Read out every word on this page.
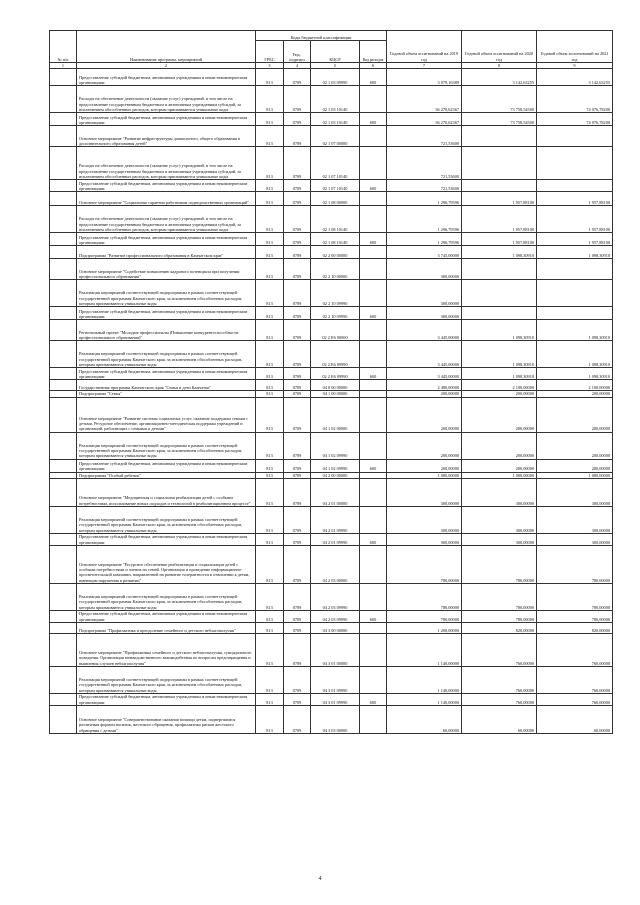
№ п/п	Наименование программ, мероприятий	Коды бюджетной классификации				Годовой объем ассигнований на 2019 год	Годовой объем ассигнований на 2020 год	Годовой объем ассигнований на 2021 год
		ГРБС	Разд., подраздел	КЦСР	Вид расходов			
1	2	3	4	5	6	7	8	9
	Предоставление субсидий бюджетным, автономным учреждениям и иным некоммерческим организациям	813	0709	02 1 03 09990	600	3 079,16389	3 142,63255	3 142,63255
	Расходы на обеспечение деятельности (оказание услуг) учреждений, в том числе на предоставление государственным бюджетным и автономным учреждениям субсидий, за исключением обособленных расходов, которым присваиваются уникальные коды	813	0709	02 1 03 10140		36 270,62367	73 758,54500	74 076,78200
	Предоставление субсидий бюджетным, автономным учреждениям и иным некоммерческим организациям	813	0709	02 1 03 10140	600	36 270,62367	73 758,54500	74 076,78200
	Основное мероприятие "Развитие инфраструктуры дошкольного, общего образования в дополнительного образования детей"	813	0709	02 1 07 00000		721,53600		
	Расходы на обеспечение деятельности (оказание услуг) учреждений, в том числе на предоставление государственным бюджетным и автономным учреждениям субсидий, за исключением обособленных расходов, которым присваиваются уникальные коды	813	0709	02 1 07 10140		721,53600		
	Предоставление субсидий бюджетным, автономным учреждениям и иным некоммерческим организациям	813	0709	02 1 07 10140	600	721,53600		
	Основное мероприятие "Социальные гарантии работникам подведомственных организаций"	813	0709	02 1 08 00000		1 296,79596	1 957,88100	1 957,88100
	Расходы на обеспечение деятельности (оказание услуг) учреждений, в том числе на предоставление государственным бюджетным и автономным учреждениям субсидий, за исключением обособленных расходов, которым присваиваются уникальные коды	813	0709	02 1 08 10140		1 296,79596	1 957,88100	1 957,88100
	Предоставление субсидий бюджетным, автономным учреждениям и иным некоммерческим организациям	813	0709	02 1 08 10140	600	1 296,79596	1 957,88100	1 957,88100
	Подпрограмма "Развитие профессионального образования в Камчатском крае"	813	0709	02 2 00 00000		3 745,00000	1 098,30910	1 098,30910
	Основное мероприятие "Содействие повышению кадрового потенциала при получении профессионального образования"	813	0709	02 2 10 00000		300,00000		
	Реализация мероприятий соответствующей подпрограммы в рамках соответствующей государственной программы Камчатского края, за исключением обособленных расходов, которым присваиваются уникальные коды	813	0709	02 2 10 09990		300,00000		
	Предоставление субсидий бюджетным, автономным учреждениям и иным некоммерческим организациям	813	0709	02 2 10 09990	600	300,00000		
	Региональный проект "Молодые профессионалы (Повышение конкурентоспособности профессионального образования)"	813	0709	02 2 E6 00000		3 445,00000	1 098,30910	1 098,30910
	Реализация мероприятий соответствующей подпрограммы в рамках соответствующей государственной программы Камчатского края, за исключением обособленных расходов, которым присваиваются уникальные коды	813	0709	02 2 E6 09990		3 445,00000	1 098,30910	1 098,30910
	Предоставление субсидий бюджетным, автономным учреждениям и иным некоммерческим организациям	813	0709	02 2 E6 09990	600	3 445,00000	1 098,30910	1 098,30910
	Государственная программа Камчатского края "Семья и дети Камчатки"	813	0709	04 0 00 00000		2 480,00000	2 100,00000	2 100,00000
	Подпрограмма "Семья"	813	0709	04 1 00 00000		200,00000	200,00000	200,00000
	Основное мероприятие "Развитие системы социальных услуг, оказание поддержки семьям с детьми. Ресурсное обеспечение, организационно-методическая поддержка учреждений и организаций, работающих с семьями и детьми"	813	0709	04 1 02 00000		200,00000	200,00000	200,00000
	Реализация мероприятий соответствующей подпрограммы в рамках соответствующей государственной программы Камчатского края, за исключением обособленных расходов, которым присваиваются уникальные коды	813	0709	04 1 02 09990		200,00000	200,00000	200,00000
	Предоставление субсидий бюджетным, автономным учреждениям и иным некоммерческим организациям	813	0709	04 1 02 09990	600	200,00000	200,00000	200,00000
	Подпрограмма "Особый ребенок"	813	0709	04 2 00 00000		1 080,00000	1 080,00000	1 080,00000
	Основное мероприятие "Медицинская и социальная реабилитация детей с особыми потребностями, использование новых подходов и технологий в реабилитационном процессе"	813	0709	04 2 01 00000		300,00000	300,00000	300,00000
	Реализация мероприятий соответствующей подпрограммы в рамках соответствующей государственной программы Камчатского края, за исключением обособленных расходов, которым присваиваются уникальные коды	813	0709	04 2 01 09990		300,00000	300,00000	300,00000
	Предоставление субсидий бюджетным, автономным учреждениям и иным некоммерческим организациям	813	0709	04 2 01 09990	600	300,00000	300,00000	300,00000
	Основное мероприятие "Ресурсное обеспечение реабилитации и социализации детей с особыми потребностями и членов их семей. Организация и проведение информационно-просветительской кампании, направленной на развитие толерантности в отношении к детям, имеющим нарушения в развитии"	813	0709	04 2 03 00000		780,00000	780,00000	780,00000
	Реализация мероприятий соответствующей подпрограммы в рамках соответствующей государственной программы Камчатского края, за исключением обособленных расходов, которым присваиваются уникальные коды	813	0709	04 2 03 09990		780,00000	780,00000	780,00000
	Предоставление субсидий бюджетным, автономным учреждениям и иным некоммерческим организациям	813	0709	04 2 03 09990	600	780,00000	780,00000	780,00000
	Подпрограмма "Профилактика и преодоление семейного и детского неблагополучия"	813	0709	04 3 00 00000		1 200,00000	820,00000	820,00000
	Основное мероприятие "Профилактика семейного и детского неблагополучия, суицидального поведения. Организация межведомственного взаимодействия по вопросам предотвращения и выявления случаев неблагополучия"	813	0709	04 3 01 00000		1 140,00000	760,00000	760,00000
	Реализация мероприятий соответствующей подпрограммы в рамках соответствующей государственной программы Камчатского края, за исключением обособленных расходов, которым присваиваются уникальные коды	813	0709	04 3 01 09990		1 140,00000	760,00000	760,00000
	Предоставление субсидий бюджетным, автономным учреждениям и иным некоммерческим организациям	813	0709	04 3 01 09990	600	1 140,00000	760,00000	760,00000
	Основное мероприятие "Совершенствование оказания помощи детям, подвергшимся различным формам насилия, жестокого обращения, профилактика рисков жестокого обращения с детьми"	813	0709	04 3 03 00000		60,00000	60,00000	60,00000
4
